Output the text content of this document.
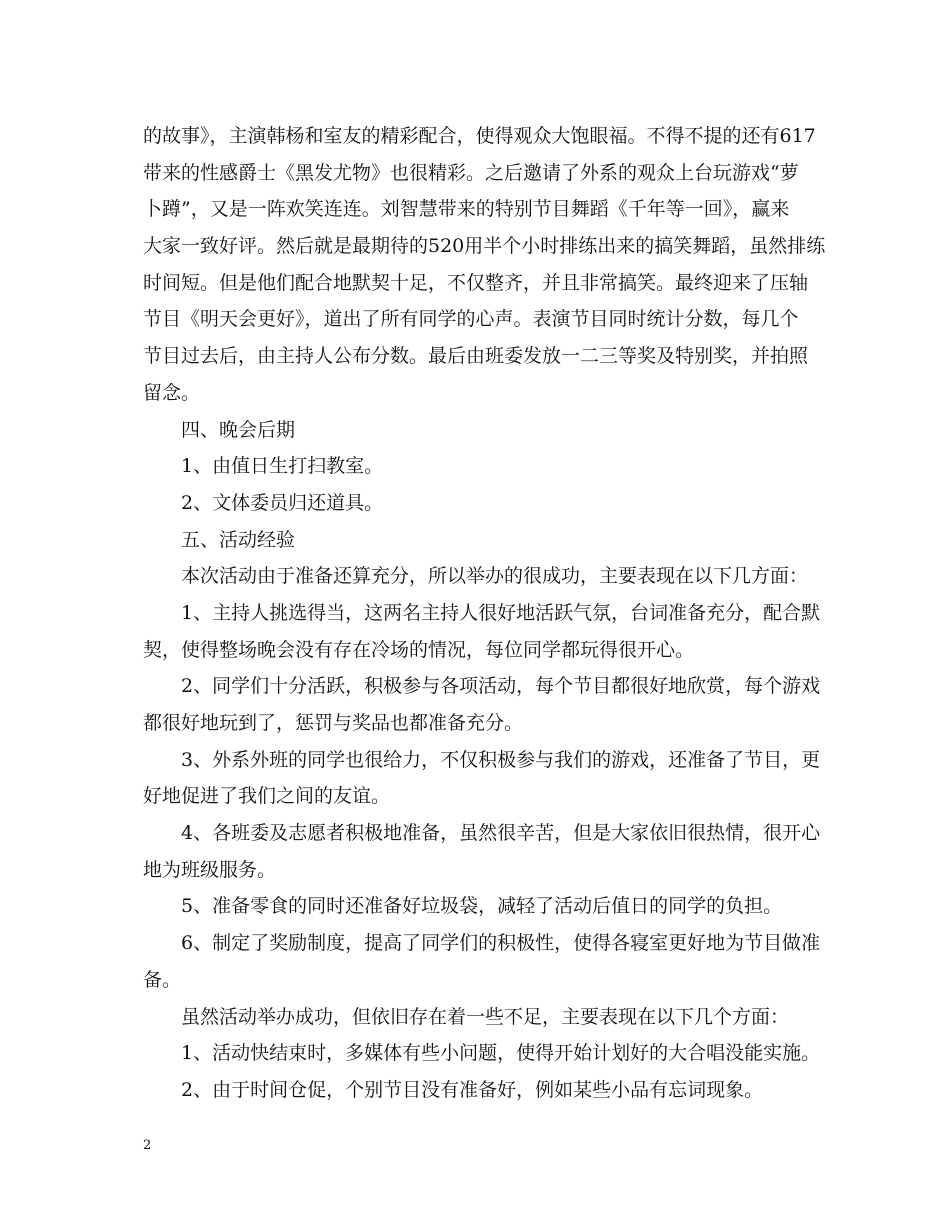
的故事》，主演韩杨和室友的精彩配合，使得观众大饱眼福。不得不提的还有617

带来的性感爵士《黑发尤物》也很精彩。之后邀请了外系的观众上台玩游戏“萝

卜蹲”，又是一阵欢笑连连。刘智慧带来的特别节目舞蹈《千年等一回》，赢来

大家一致好评。然后就是最期待的520用半个小时排练出来的搞笑舞蹈，虽然排练

时间短。但是他们配合地默契十足，不仅整齐，并且非常搞笑。最终迎来了压轴

节目《明天会更好》，道出了所有同学的心声。表演节目同时统计分数，每几个

节目过去后，由主持人公布分数。最后由班委发放一二三等奖及特别奖，并拍照

留念。

四、晚会后期

1、由值日生打扫教室。

2、文体委员归还道具。

五、活动经验

本次活动由于准备还算充分，所以举办的很成功，主要表现在以下几方面：

1、主持人挑选得当，这两名主持人很好地活跃气氛，台词准备充分，配合默

契，使得整场晚会没有存在冷场的情况，每位同学都玩得很开心。

2、同学们十分活跃，积极参与各项活动，每个节目都很好地欣赏，每个游戏

都很好地玩到了，惩罚与奖品也都准备充分。

3、外系外班的同学也很给力，不仅积极参与我们的游戏，还准备了节目，更

好地促进了我们之间的友谊。

4、各班委及志愿者积极地准备，虽然很辛苦，但是大家依旧很热情，很开心

地为班级服务。

5、准备零食的同时还准备好垃圾袋，减轻了活动后值日的同学的负担。

6、制定了奖励制度，提高了同学们的积极性，使得各寝室更好地为节目做准

备。

虽然活动举办成功，但依旧存在着一些不足，主要表现在以下几个方面：

1、活动快结束时，多媒体有些小问题，使得开始计划好的大合唱没能实施。

2、由于时间仓促，个别节目没有准备好，例如某些小品有忘词现象。

2
